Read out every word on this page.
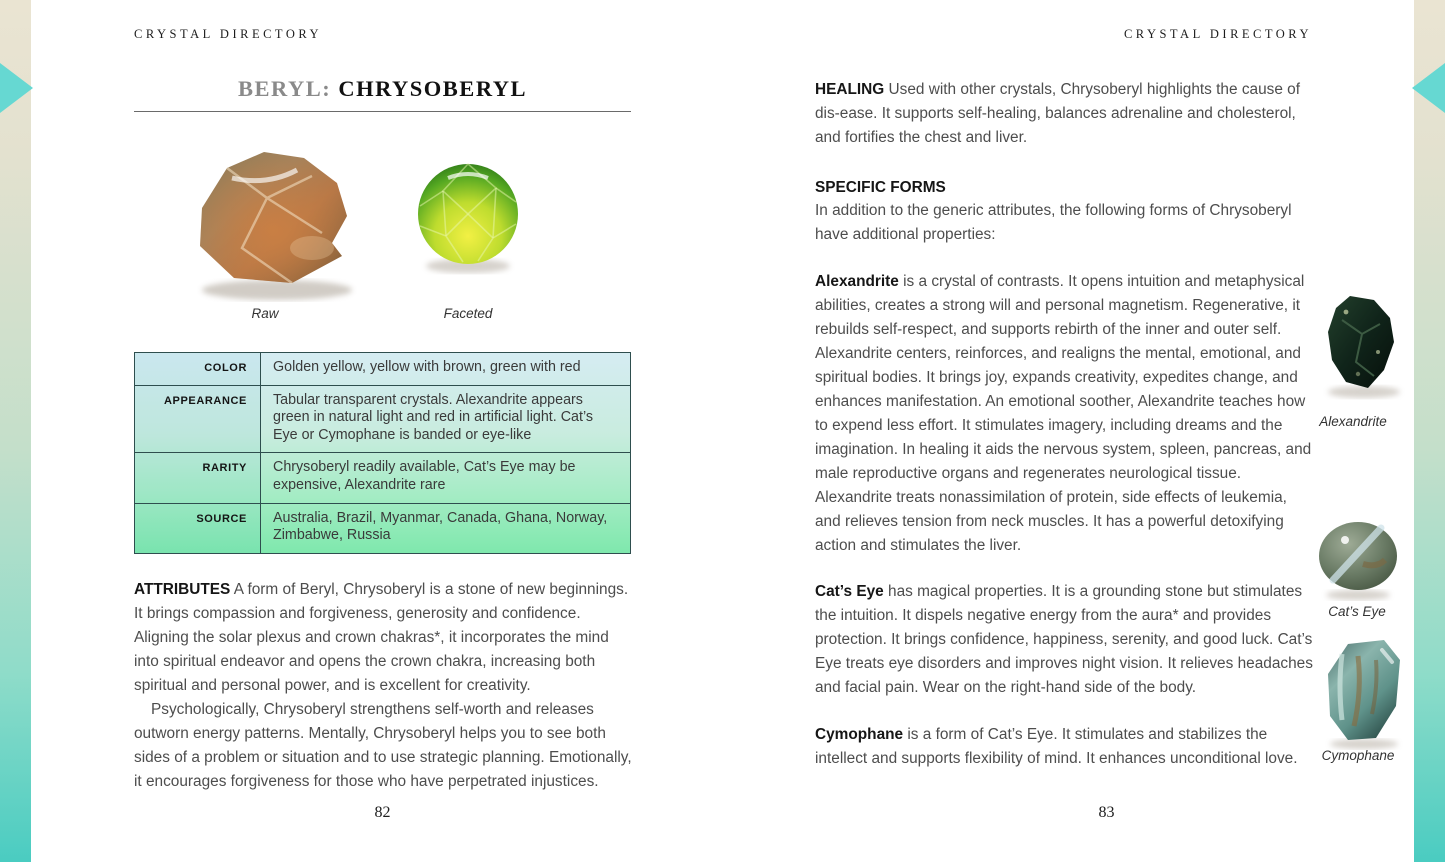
CRYSTAL DIRECTORY
BERYL: CHRYSOBERYL
Raw	Faceted
COLOR	Golden yellow, yellow with brown, green with red
APPEARANCE	Tabular transparent crystals. Alexandrite appears green in natural light and red in artificial light. Cat’s Eye or Cymophane is banded or eye-like
RARITY	Chrysoberyl readily available, Cat’s Eye may be expensive, Alexandrite rare
SOURCE	Australia, Brazil, Myanmar, Canada, Ghana, Norway, Zimbabwe, Russia
ATTRIBUTES A form of Beryl, Chrysoberyl is a stone of new beginnings. It brings compassion and forgiveness, generosity and confidence. Aligning the solar plexus and crown chakras*, it incorporates the mind into spiritual endeavor and opens the crown chakra, increasing both spiritual and personal power, and is excellent for creativity.
Psychologically, Chrysoberyl strengthens self-worth and releases outworn energy patterns. Mentally, Chrysoberyl helps you to see both sides of a problem or situation and to use strategic planning. Emotionally, it encourages forgiveness for those who have perpetrated injustices.
82
CRYSTAL DIRECTORY
HEALING Used with other crystals, Chrysoberyl highlights the cause of dis-ease. It supports self-healing, balances adrenaline and cholesterol, and fortifies the chest and liver.
SPECIFIC FORMS
In addition to the generic attributes, the following forms of Chrysoberyl have additional properties:
Alexandrite is a crystal of contrasts. It opens intuition and metaphysical abilities, creates a strong will and personal magnetism. Regenerative, it rebuilds self-respect, and supports rebirth of the inner and outer self. Alexandrite centers, reinforces, and realigns the mental, emotional, and spiritual bodies. It brings joy, expands creativity, expedites change, and enhances manifestation. An emotional soother, Alexandrite teaches how to expend less effort. It stimulates imagery, including dreams and the imagination. In healing it aids the nervous system, spleen, pancreas, and male reproductive organs and regenerates neurological tissue. Alexandrite treats nonassimilation of protein, side effects of leukemia, and relieves tension from neck muscles. It has a powerful detoxifying action and stimulates the liver.
Cat’s Eye has magical properties. It is a grounding stone but stimulates the intuition. It dispels negative energy from the aura* and provides protection. It brings confidence, happiness, serenity, and good luck. Cat’s Eye treats eye disorders and improves night vision. It relieves headaches and facial pain. Wear on the right-hand side of the body.
Cymophane is a form of Cat’s Eye. It stimulates and stabilizes the intellect and supports flexibility of mind. It enhances unconditional love.
Alexandrite
Cat’s Eye
Cymophane
83
